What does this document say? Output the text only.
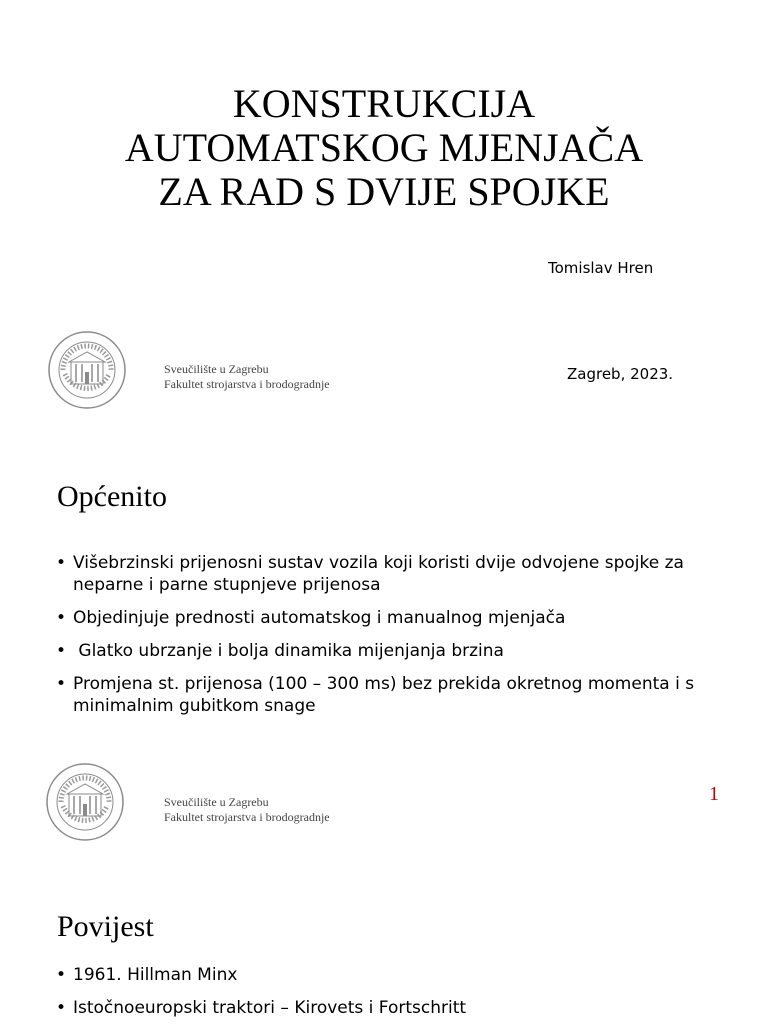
KONSTRUKCIJA
AUTOMATSKOG MJENJAČA
ZA RAD S DVIJE SPOJKE
Tomislav Hren
Sveučilište u Zagrebu
Fakultet strojarstva i brodogradnje
Zagreb, 2023.
Općenito
• Višebrzinski prijenosni sustav vozila koji koristi dvije odvojene spojke za neparne i parne stupnjeve prijenosa
• Objedinjuje prednosti automatskog i manualnog mjenjača
• Glatko ubrzanje i bolja dinamika mijenjanja brzina
• Promjena st. prijenosa (100 – 300 ms) bez prekida okretnog momenta i s minimalnim gubitkom snage
Sveučilište u Zagrebu
Fakultet strojarstva i brodogradnje
1
Povijest
• 1961. Hillman Minx
• Istočnoeuropski traktori – Kirovets i Fortschritt
